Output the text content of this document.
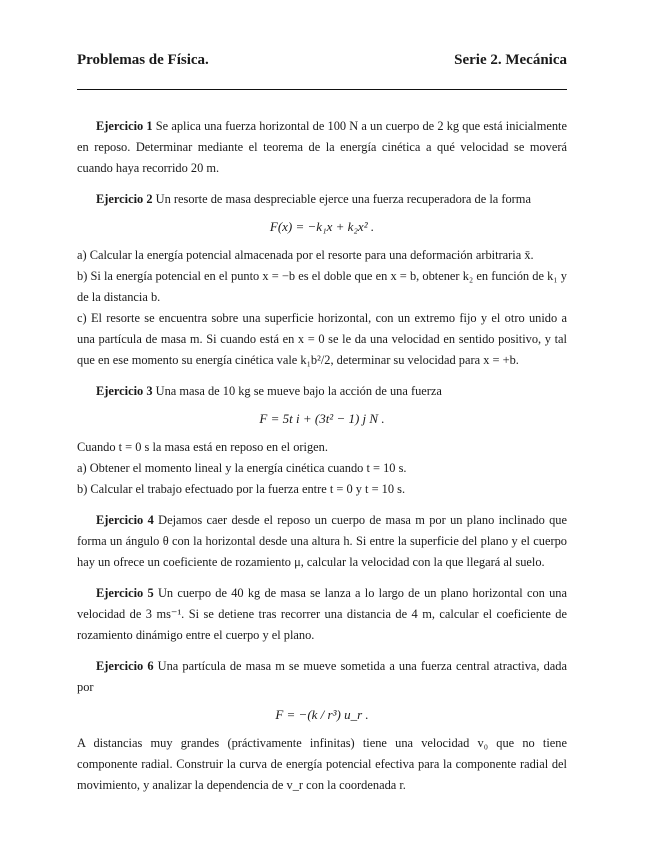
Problemas de Física.	Serie 2. Mecánica

Ejercicio 1 Se aplica una fuerza horizontal de 100 N a un cuerpo de 2 kg que está inicialmente en reposo. Determinar mediante el teorema de la energía cinética a qué velocidad se moverá cuando haya recorrido 20 m.

Ejercicio 2 Un resorte de masa despreciable ejerce una fuerza recuperadora de la forma

F(x) = −k₁x + k₂x² .

a) Calcular la energía potencial almacenada por el resorte para una deformación arbitraria x̄.

b) Si la energía potencial en el punto x = −b es el doble que en x = b, obtener k₂ en función de k₁ y de la distancia b.

c) El resorte se encuentra sobre una superficie horizontal, con un extremo fijo y el otro unido a una partícula de masa m. Si cuando está en x = 0 se le da una velocidad en sentido positivo, y tal que en ese momento su energía cinética vale k₁b²/2, determinar su velocidad para x = +b.

Ejercicio 3 Una masa de 10 kg se mueve bajo la acción de una fuerza

F = 5t i + (3t² − 1) j N .

Cuando t = 0 s la masa está en reposo en el origen.

a) Obtener el momento lineal y la energía cinética cuando t = 10 s.

b) Calcular el trabajo efectuado por la fuerza entre t = 0 y t = 10 s.

Ejercicio 4 Dejamos caer desde el reposo un cuerpo de masa m por un plano inclinado que forma un ángulo θ con la horizontal desde una altura h. Si entre la superficie del plano y el cuerpo hay un ofrece un coeficiente de rozamiento μ, calcular la velocidad con la que llegará al suelo.

Ejercicio 5 Un cuerpo de 40 kg de masa se lanza a lo largo de un plano horizontal con una velocidad de 3 ms⁻¹. Si se detiene tras recorrer una distancia de 4 m, calcular el coeficiente de rozamiento dinámigo entre el cuerpo y el plano.

Ejercicio 6 Una partícula de masa m se mueve sometida a una fuerza central atractiva, dada por

F = −(k / r³) u_r .

A distancias muy grandes (práctivamente infinitas) tiene una velocidad v₀ que no tiene componente radial. Construir la curva de energía potencial efectiva para la componente radial del movimiento, y analizar la dependencia de v_r con la coordenada r.
